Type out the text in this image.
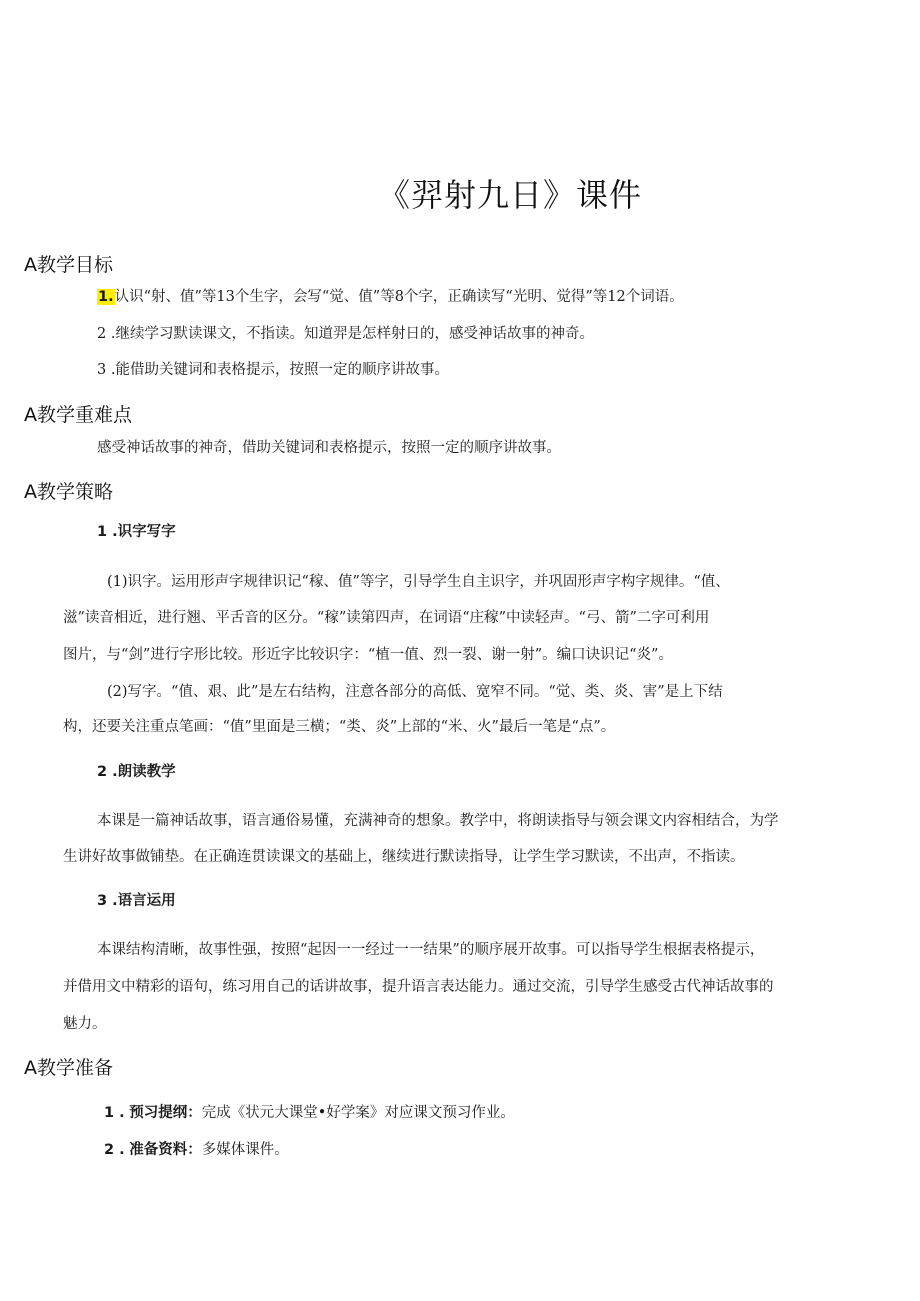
《羿射九日》课件
A教学目标
1.认识“射、值”等13个生字，会写“觉、值”等8个字，正确读写“光明、觉得”等12个词语。
2 .继续学习默读课文，不指读。知道羿是怎样射日的，感受神话故事的神奇。
3 .能借助关键词和表格提示，按照一定的顺序讲故事。
A教学重难点
感受神话故事的神奇，借助关键词和表格提示，按照一定的顺序讲故事。
A教学策略
1 .识字写字
(1)识字。运用形声字规律识记“稼、值”等字，引导学生自主识字，并巩固形声字构字规律。“值、
滋”读音相近，进行翘、平舌音的区分。“稼”读第四声，在词语“庄稼”中读轻声。“弓、箭”二字可利用
图片，与“剑”进行字形比较。形近字比较识字：“植一值、烈一裂、谢一射”。编口诀识记“炎”。
(2)写字。“值、艰、此”是左右结构，注意各部分的高低、宽窄不同。“觉、类、炎、害”是上下结
构，还要关注重点笔画：“值”里面是三横；“类、炎”上部的“米、火”最后一笔是“点”。
2 .朗读教学
本课是一篇神话故事，语言通俗易懂，充满神奇的想象。教学中，将朗读指导与领会课文内容相结合，为学
生讲好故事做铺垫。在正确连贯读课文的基础上，继续进行默读指导，让学生学习默读，不出声，不指读。
3 .语言运用
本课结构清晰，故事性强，按照“起因一一经过一一结果”的顺序展开故事。可以指导学生根据表格提示，
并借用文中精彩的语句，练习用自己的话讲故事，提升语言表达能力。通过交流，引导学生感受古代神话故事的
魅力。
A教学准备
1 . 预习提纲：完成《状元大课堂•好学案》对应课文预习作业。
2 . 准备资料：多媒体课件。
